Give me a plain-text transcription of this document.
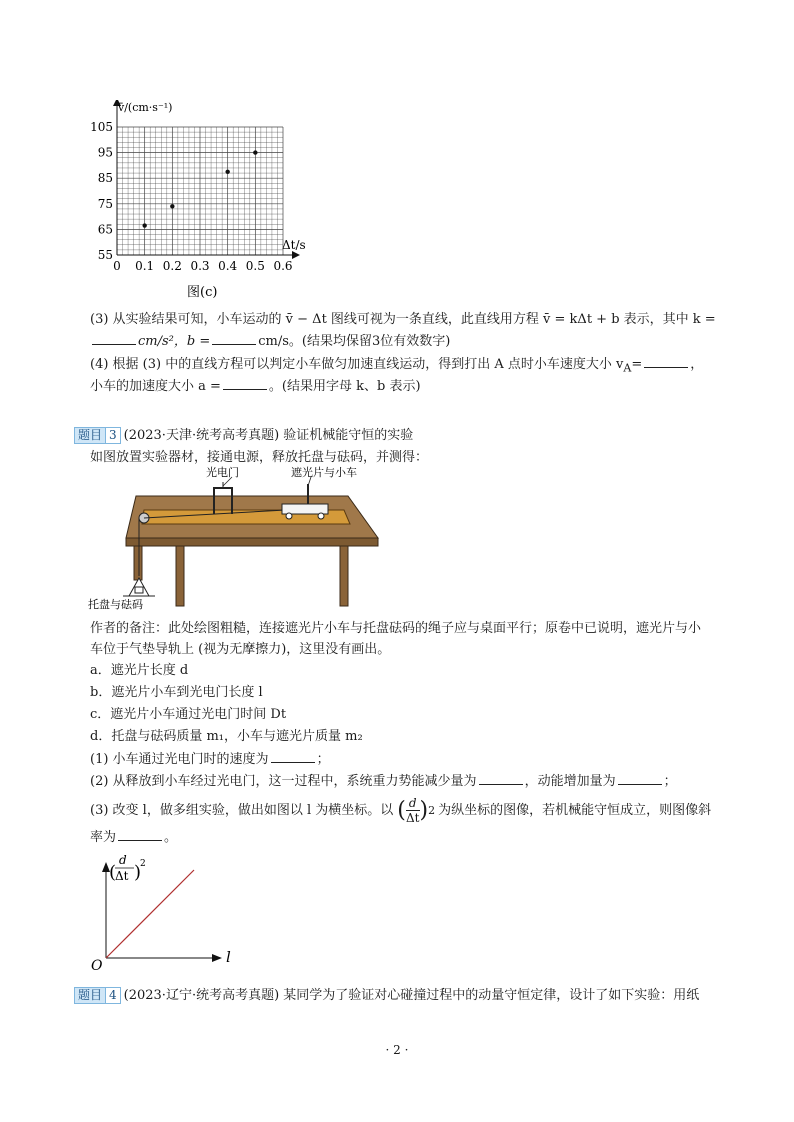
v̄/(cm·s⁻¹)
Δt/s
105
95
85
75
65
55
0 0.1 0.2 0.3 0.4 0.5 0.6
图(c)
(3) 从实验结果可知，小车运动的 v̄ − Δt 图线可视为一条直线，此直线用方程 v̄ = kΔt + b 表示，其中 k =
cm/s²，b =	cm/s。(结果均保留3位有效数字)
(4) 根据 (3) 中的直线方程可以判定小车做匀加速直线运动，得到打出 A 点时小车速度大小 $v_A=$	，
小车的加速度大小 a =	。(结果用字母 k、b 表示)
题目 3 (2023·天津·统考高考真题) 验证机械能守恒的实验
如图放置实验器材，接通电源，释放托盘与砝码，并测得：
光电门	遮光片与小车
托盘与砝码
作者的备注：此处绘图粗糙，连接遮光片小车与托盘砝码的绳子应与桌面平行；原卷中已说明，遮光片与小
车位于气垫导轨上 (视为无摩擦力)，这里没有画出。
a．遮光片长度 d
b．遮光片小车到光电门长度 l
c．遮光片小车通过光电门时间 Dt
d．托盘与砝码质量 m₁，小车与遮光片质量 m₂
(1) 小车通过光电门时的速度为	；
(2) 从释放到小车经过光电门，这一过程中，系统重力势能减少量为	，动能增加量为	；
(3) 改变 l，做多组实验，做出如图以 l 为横坐标。以 ( $\frac{d}{\Delta t}$ ) 2 为纵坐标的图像，若机械能守恒成立，则图像斜
率为	。
O	l
(
d
Δt )
2
题目 4 (2023·辽宁·统考高考真题) 某同学为了验证对心碰撞过程中的动量守恒定律，设计了如下实验：用纸
· 2 ·
